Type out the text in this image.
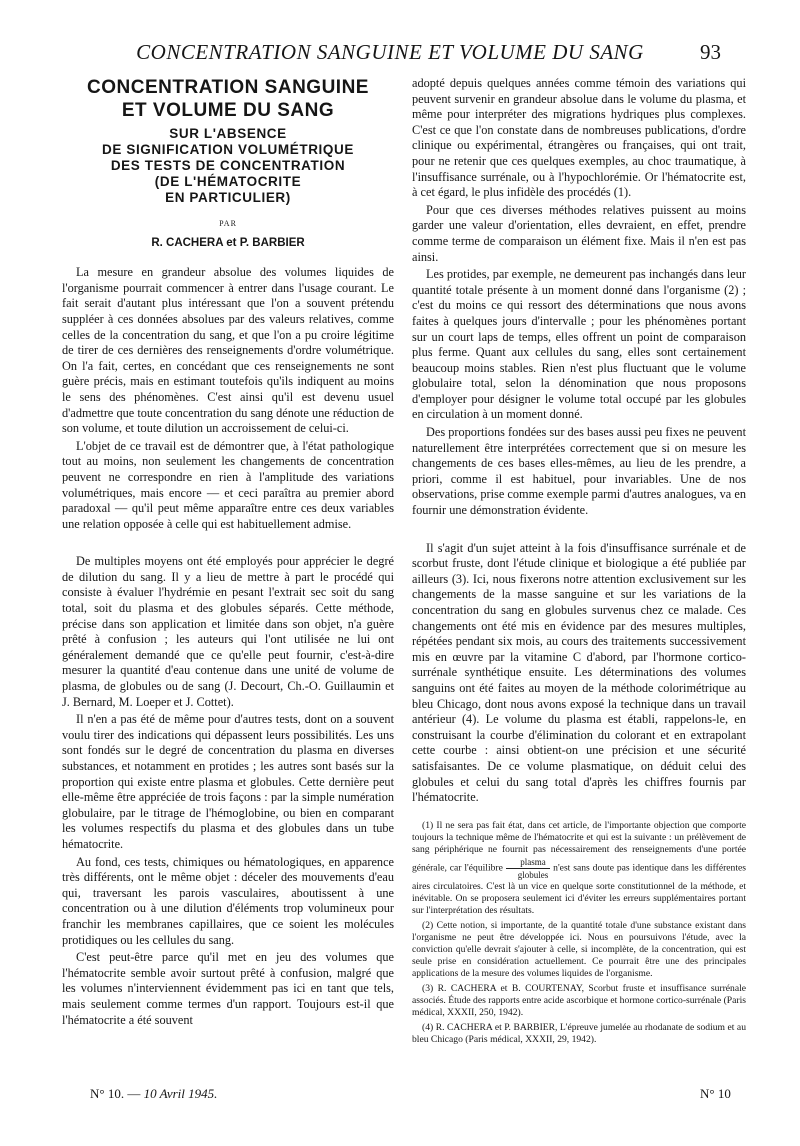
CONCENTRATION SANGUINE ET VOLUME DU SANG	93
CONCENTRATION SANGUINE
ET VOLUME DU SANG
SUR L'ABSENCE
DE SIGNIFICATION VOLUMÉTRIQUE
DES TESTS DE CONCENTRATION
(DE L'HÉMATOCRITE
EN PARTICULIER)
PAR
R. CACHERA et P. BARBIER

La mesure en grandeur absolue des volumes liquides de l'organisme pourrait commencer à entrer dans l'usage courant. Le fait serait d'autant plus intéressant que l'on a souvent prétendu suppléer à ces données absolues par des valeurs relatives, comme celles de la concentration du sang, et que l'on a pu croire légitime de tirer de ces dernières des renseignements d'ordre volumétrique. On l'a fait, certes, en concédant que ces renseignements ne sont guère précis, mais en estimant toutefois qu'ils indiquent au moins le sens des phénomènes. C'est ainsi qu'il est devenu usuel d'admettre que toute concentration du sang dénote une réduction de son volume, et toute dilution un accroissement de celui-ci.

L'objet de ce travail est de démontrer que, à l'état pathologique tout au moins, non seulement les changements de concentration peuvent ne correspondre en rien à l'amplitude des variations volumétriques, mais encore — et ceci paraîtra au premier abord paradoxal — qu'il peut même apparaître entre ces deux variables une relation opposée à celle qui est habituellement admise.

De multiples moyens ont été employés pour apprécier le degré de dilution du sang. Il y a lieu de mettre à part le procédé qui consiste à évaluer l'hydrémie en pesant l'extrait sec soit du sang total, soit du plasma et des globules séparés. Cette méthode, précise dans son application et limitée dans son objet, n'a guère prêté à confusion ; les auteurs qui l'ont utilisée ne lui ont généralement demandé que ce qu'elle peut fournir, c'est-à-dire mesurer la quantité d'eau contenue dans une unité de volume de plasma, de globules ou de sang (J. Decourt, Ch.-O. Guillaumin et J. Bernard, M. Loeper et J. Cottet).

Il n'en a pas été de même pour d'autres tests, dont on a souvent voulu tirer des indications qui dépassent leurs possibilités. Les uns sont fondés sur le degré de concentration du plasma en diverses substances, et notamment en protides ; les autres sont basés sur la proportion qui existe entre plasma et globules. Cette dernière peut elle-même être appréciée de trois façons : par la simple numération globulaire, par le titrage de l'hémoglobine, ou bien en comparant les volumes respectifs du plasma et des globules dans un tube hématocrite.

Au fond, ces tests, chimiques ou hématologiques, en apparence très différents, ont le même objet : déceler des mouvements d'eau qui, traversant les parois vasculaires, aboutissent à une concentration ou à une dilution d'éléments trop volumineux pour franchir les membranes capillaires, que ce soient les molécules protidiques ou les cellules du sang.

C'est peut-être parce qu'il met en jeu des volumes que l'hématocrite semble avoir surtout prêté à confusion, malgré que les volumes n'interviennent évidemment pas ici en tant que tels, mais seulement comme termes d'un rapport. Toujours est-il que l'hématocrite a été souvent

adopté depuis quelques années comme témoin des variations qui peuvent survenir en grandeur absolue dans le volume du plasma, et même pour interpréter des migrations hydriques plus complexes. C'est ce que l'on constate dans de nombreuses publications, d'ordre clinique ou expérimental, étrangères ou françaises, qui ont trait, pour ne retenir que ces quelques exemples, au choc traumatique, à l'insuffisance surrénale, ou à l'hypochlorémie. Or l'hématocrite est, à cet égard, le plus infidèle des procédés (1).

Pour que ces diverses méthodes relatives puissent au moins garder une valeur d'orientation, elles devraient, en effet, prendre comme terme de comparaison un élément fixe. Mais il n'en est pas ainsi.

Les protides, par exemple, ne demeurent pas inchangés dans leur quantité totale présente à un moment donné dans l'organisme (2) ; c'est du moins ce qui ressort des déterminations que nous avons faites à quelques jours d'intervalle ; pour les phénomènes portant sur un court laps de temps, elles offrent un point de comparaison plus ferme. Quant aux cellules du sang, elles sont certainement beaucoup moins stables. Rien n'est plus fluctuant que le volume globulaire total, selon la dénomination que nous proposons d'employer pour désigner le volume total occupé par les globules en circulation à un moment donné.

Des proportions fondées sur des bases aussi peu fixes ne peuvent naturellement être interprétées correctement que si on mesure les changements de ces bases elles-mêmes, au lieu de les prendre, a priori, comme il est habituel, pour invariables. Une de nos observations, prise comme exemple parmi d'autres analogues, va en fournir une démonstration évidente.

Il s'agit d'un sujet atteint à la fois d'insuffisance surrénale et de scorbut fruste, dont l'étude clinique et biologique a été publiée par ailleurs (3). Ici, nous fixerons notre attention exclusivement sur les changements de la masse sanguine et sur les variations de la concentration du sang en globules survenus chez ce malade. Ces changements ont été mis en évidence par des mesures multiples, répétées pendant six mois, au cours des traitements successivement mis en œuvre par la vitamine C d'abord, par l'hormone cortico-surrénale synthétique ensuite. Les déterminations des volumes sanguins ont été faites au moyen de la méthode colorimétrique au bleu Chicago, dont nous avons exposé la technique dans un travail antérieur (4). Le volume du plasma est établi, rappelons-le, en construisant la courbe d'élimination du colorant et en extrapolant cette courbe : ainsi obtient-on une précision et une sécurité satisfaisantes. De ce volume plasmatique, on déduit celui des globules et celui du sang total d'après les chiffres fournis par l'hématocrite.

(1) Il ne sera pas fait état, dans cet article, de l'importante objection que comporte toujours la technique même de l'hématocrite et qui est la suivante : un prélèvement de sang périphérique ne fournit pas nécessairement des renseignements d'une portée générale, car l'équilibre $\frac{\text{plasma}}{\text{globules}} n'est$ sans doute pas identique dans les différentes aires circulatoires. C'est là un vice en quelque sorte constitutionnel de la méthode, et inévitable. On se proposera seulement ici d'éviter les erreurs supplémentaires portant sur l'interprétation des résultats.

(2) Cette notion, si importante, de la quantité totale d'une substance existant dans l'organisme ne peut être développée ici. Nous en poursuivons l'étude, avec la conviction qu'elle devrait s'ajouter à celle, si incomplète, de la concentration, qui est seule prise en considération actuellement. Ce pourrait être une des principales applications de la mesure des volumes liquides de l'organisme.

(3) R. CACHERA et B. COURTENAY, Scorbut fruste et insuffisance surrénale associés. Étude des rapports entre acide ascorbique et hormone cortico-surrénale (Paris médical, XXXII, 250, 1942).

(4) R. CACHERA et P. BARBIER, L'épreuve jumelée au rhodanate de sodium et au bleu Chicago (Paris médical, XXXII, 29, 1942).

N° 10. — 10 Avril 1945.	N° 10
